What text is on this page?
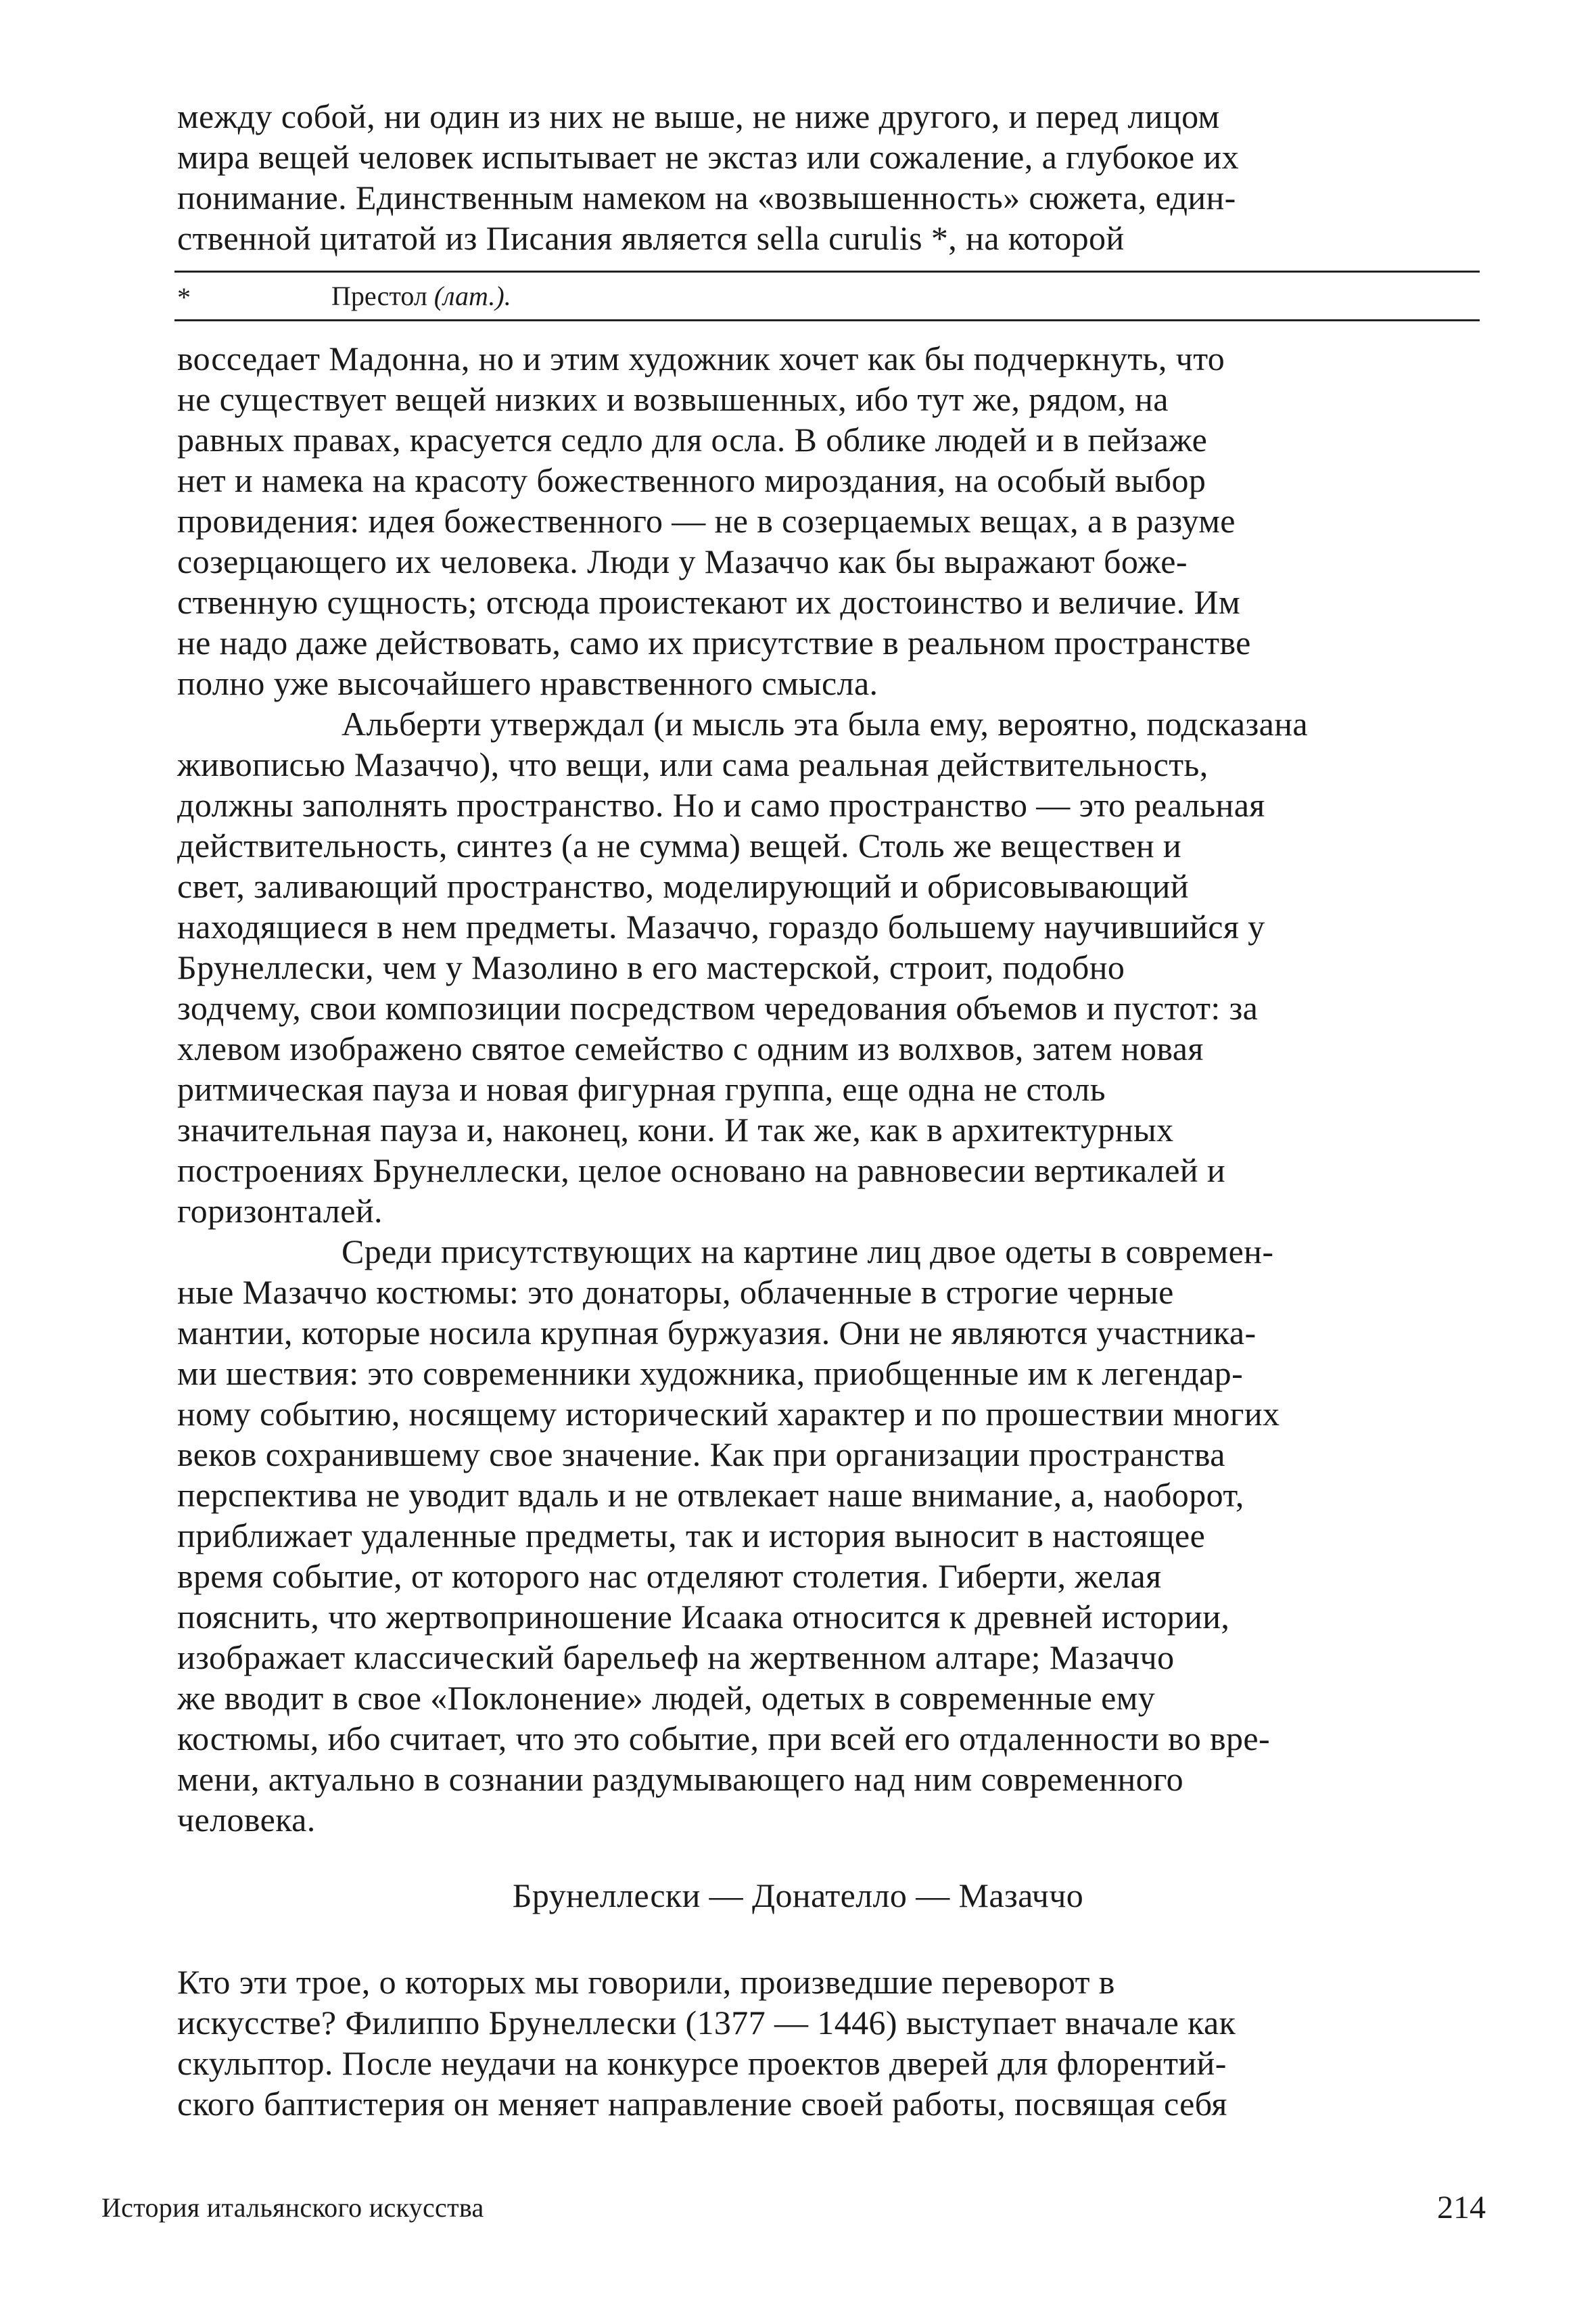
между собой, ни один из них не выше, не ниже другого, и перед лицом
мира вещей человек испытывает не экстаз или сожаление, а глубокое их
понимание. Единственным намеком на «возвышенность» сюжета, един-
ственной цитатой из Писания является sella curulis *, на которой
*	Престол (лат.).
восседает Мадонна, но и этим художник хочет как бы подчеркнуть, что
не существует вещей низких и возвышенных, ибо тут же, рядом, на
равных правах, красуется седло для осла. В облике людей и в пейзаже
нет и намека на красоту божественного мироздания, на особый выбор
провидения: идея божественного — не в созерцаемых вещах, а в разуме
созерцающего их человека. Люди у Мазаччо как бы выражают боже-
ственную сущность; отсюда проистекают их достоинство и величие. Им
не надо даже действовать, само их присутствие в реальном пространстве
полно уже высочайшего нравственного смысла.
Альберти утверждал (и мысль эта была ему, вероятно, подсказана
живописью Мазаччо), что вещи, или сама реальная действительность,
должны заполнять пространство. Но и само пространство — это реальная
действительность, синтез (а не сумма) вещей. Столь же веществен и
свет, заливающий пространство, моделирующий и обрисовывающий
находящиеся в нем предметы. Мазаччо, гораздо большему научившийся у
Брунеллески, чем у Мазолино в его мастерской, строит, подобно
зодчему, свои композиции посредством чередования объемов и пустот: за
хлевом изображено святое семейство с одним из волхвов, затем новая
ритмическая пауза и новая фигурная группа, еще одна не столь
значительная пауза и, наконец, кони. И так же, как в архитектурных
построениях Брунеллески, целое основано на равновесии вертикалей и
горизонталей.
Среди присутствующих на картине лиц двое одеты в современ-
ные Мазаччо костюмы: это донаторы, облаченные в строгие черные
мантии, которые носила крупная буржуазия. Они не являются участника-
ми шествия: это современники художника, приобщенные им к легендар-
ному событию, носящему исторический характер и по прошествии многих
веков сохранившему свое значение. Как при организации пространства
перспектива не уводит вдаль и не отвлекает наше внимание, а, наоборот,
приближает удаленные предметы, так и история выносит в настоящее
время событие, от которого нас отделяют столетия. Гиберти, желая
пояснить, что жертвоприношение Исаака относится к древней истории,
изображает классический барельеф на жертвенном алтаре; Мазаччо
же вводит в свое «Поклонение» людей, одетых в современные ему
костюмы, ибо считает, что это событие, при всей его отдаленности во вре-
мени, актуально в сознании раздумывающего над ним современного
человека.
Брунеллески — Донателло — Мазаччо
Кто эти трое, о которых мы говорили, произведшие переворот в
искусстве? Филиппо Брунеллески (1377 — 1446) выступает вначале как
скульптор. После неудачи на конкурсе проектов дверей для флорентий-
ского баптистерия он меняет направление своей работы, посвящая себя
История итальянского искусства	214
